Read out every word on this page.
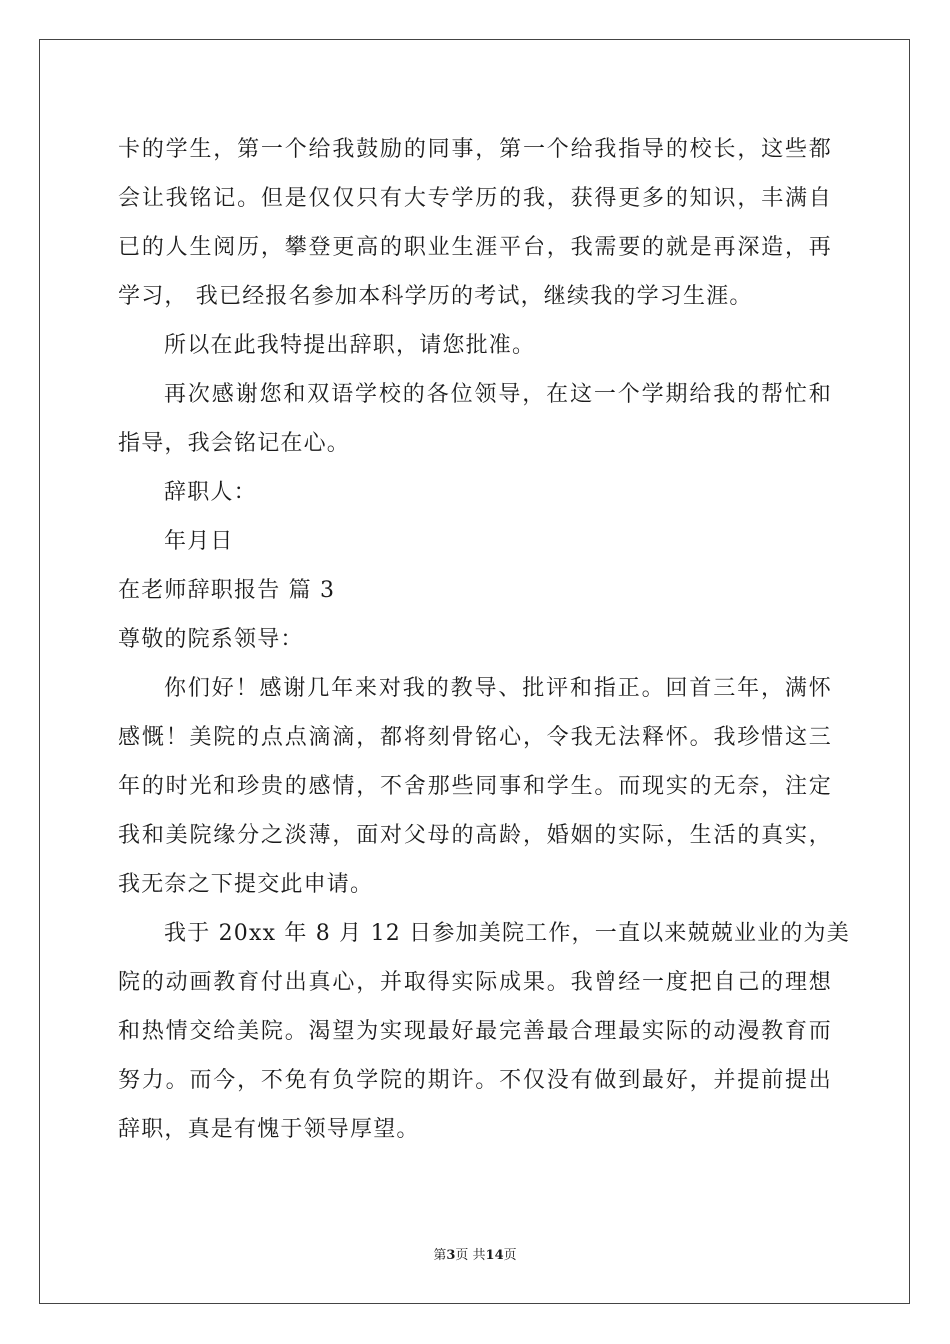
卡的学生，第一个给我鼓励的同事，第一个给我指导的校长，这些都
会让我铭记。但是仅仅只有大专学历的我，获得更多的知识，丰满自
已的人生阅历，攀登更高的职业生涯平台，我需要的就是再深造，再
学习， 我已经报名参加本科学历的考试，继续我的学习生涯。
所以在此我特提出辞职，请您批准。
再次感谢您和双语学校的各位领导，在这一个学期给我的帮忙和
指导，我会铭记在心。
辞职人：
年月日
在老师辞职报告 篇 3
尊敬的院系领导：
你们好！感谢几年来对我的教导、批评和指正。回首三年，满怀
感慨！美院的点点滴滴，都将刻骨铭心，令我无法释怀。我珍惜这三
年的时光和珍贵的感情，不舍那些同事和学生。而现实的无奈，注定
我和美院缘分之淡薄，面对父母的高龄，婚姻的实际，生活的真实，
我无奈之下提交此申请。
我于 20xx 年 8 月 12 日参加美院工作，一直以来兢兢业业的为美
院的动画教育付出真心，并取得实际成果。我曾经一度把自己的理想
和热情交给美院。渴望为实现最好最完善最合理最实际的动漫教育而
努力。而今，不免有负学院的期许。不仅没有做到最好，并提前提出
辞职，真是有愧于领导厚望。
第3页 共14页
